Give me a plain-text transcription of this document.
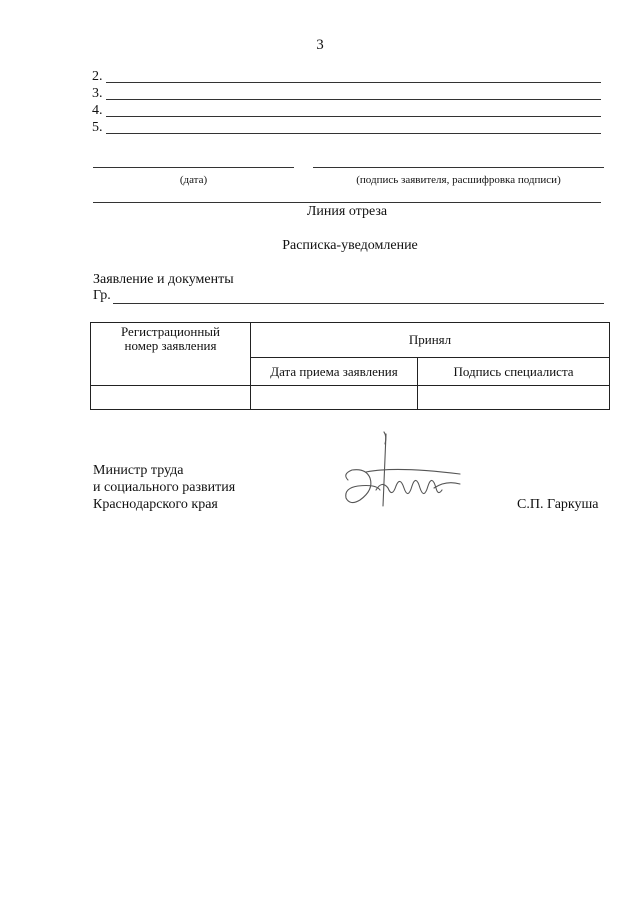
3
2.
3.
4.
5.
(дата)	(подпись заявителя, расшифровка подписи)
Линия отреза
Расписка-уведомление
Заявление и документы
Гр.
Регистрационный номер заявления	Принял	
	Дата приема заявления	Подпись специалиста

Министр труда
и социального развития
Краснодарского края	С.П. Гаркуша
